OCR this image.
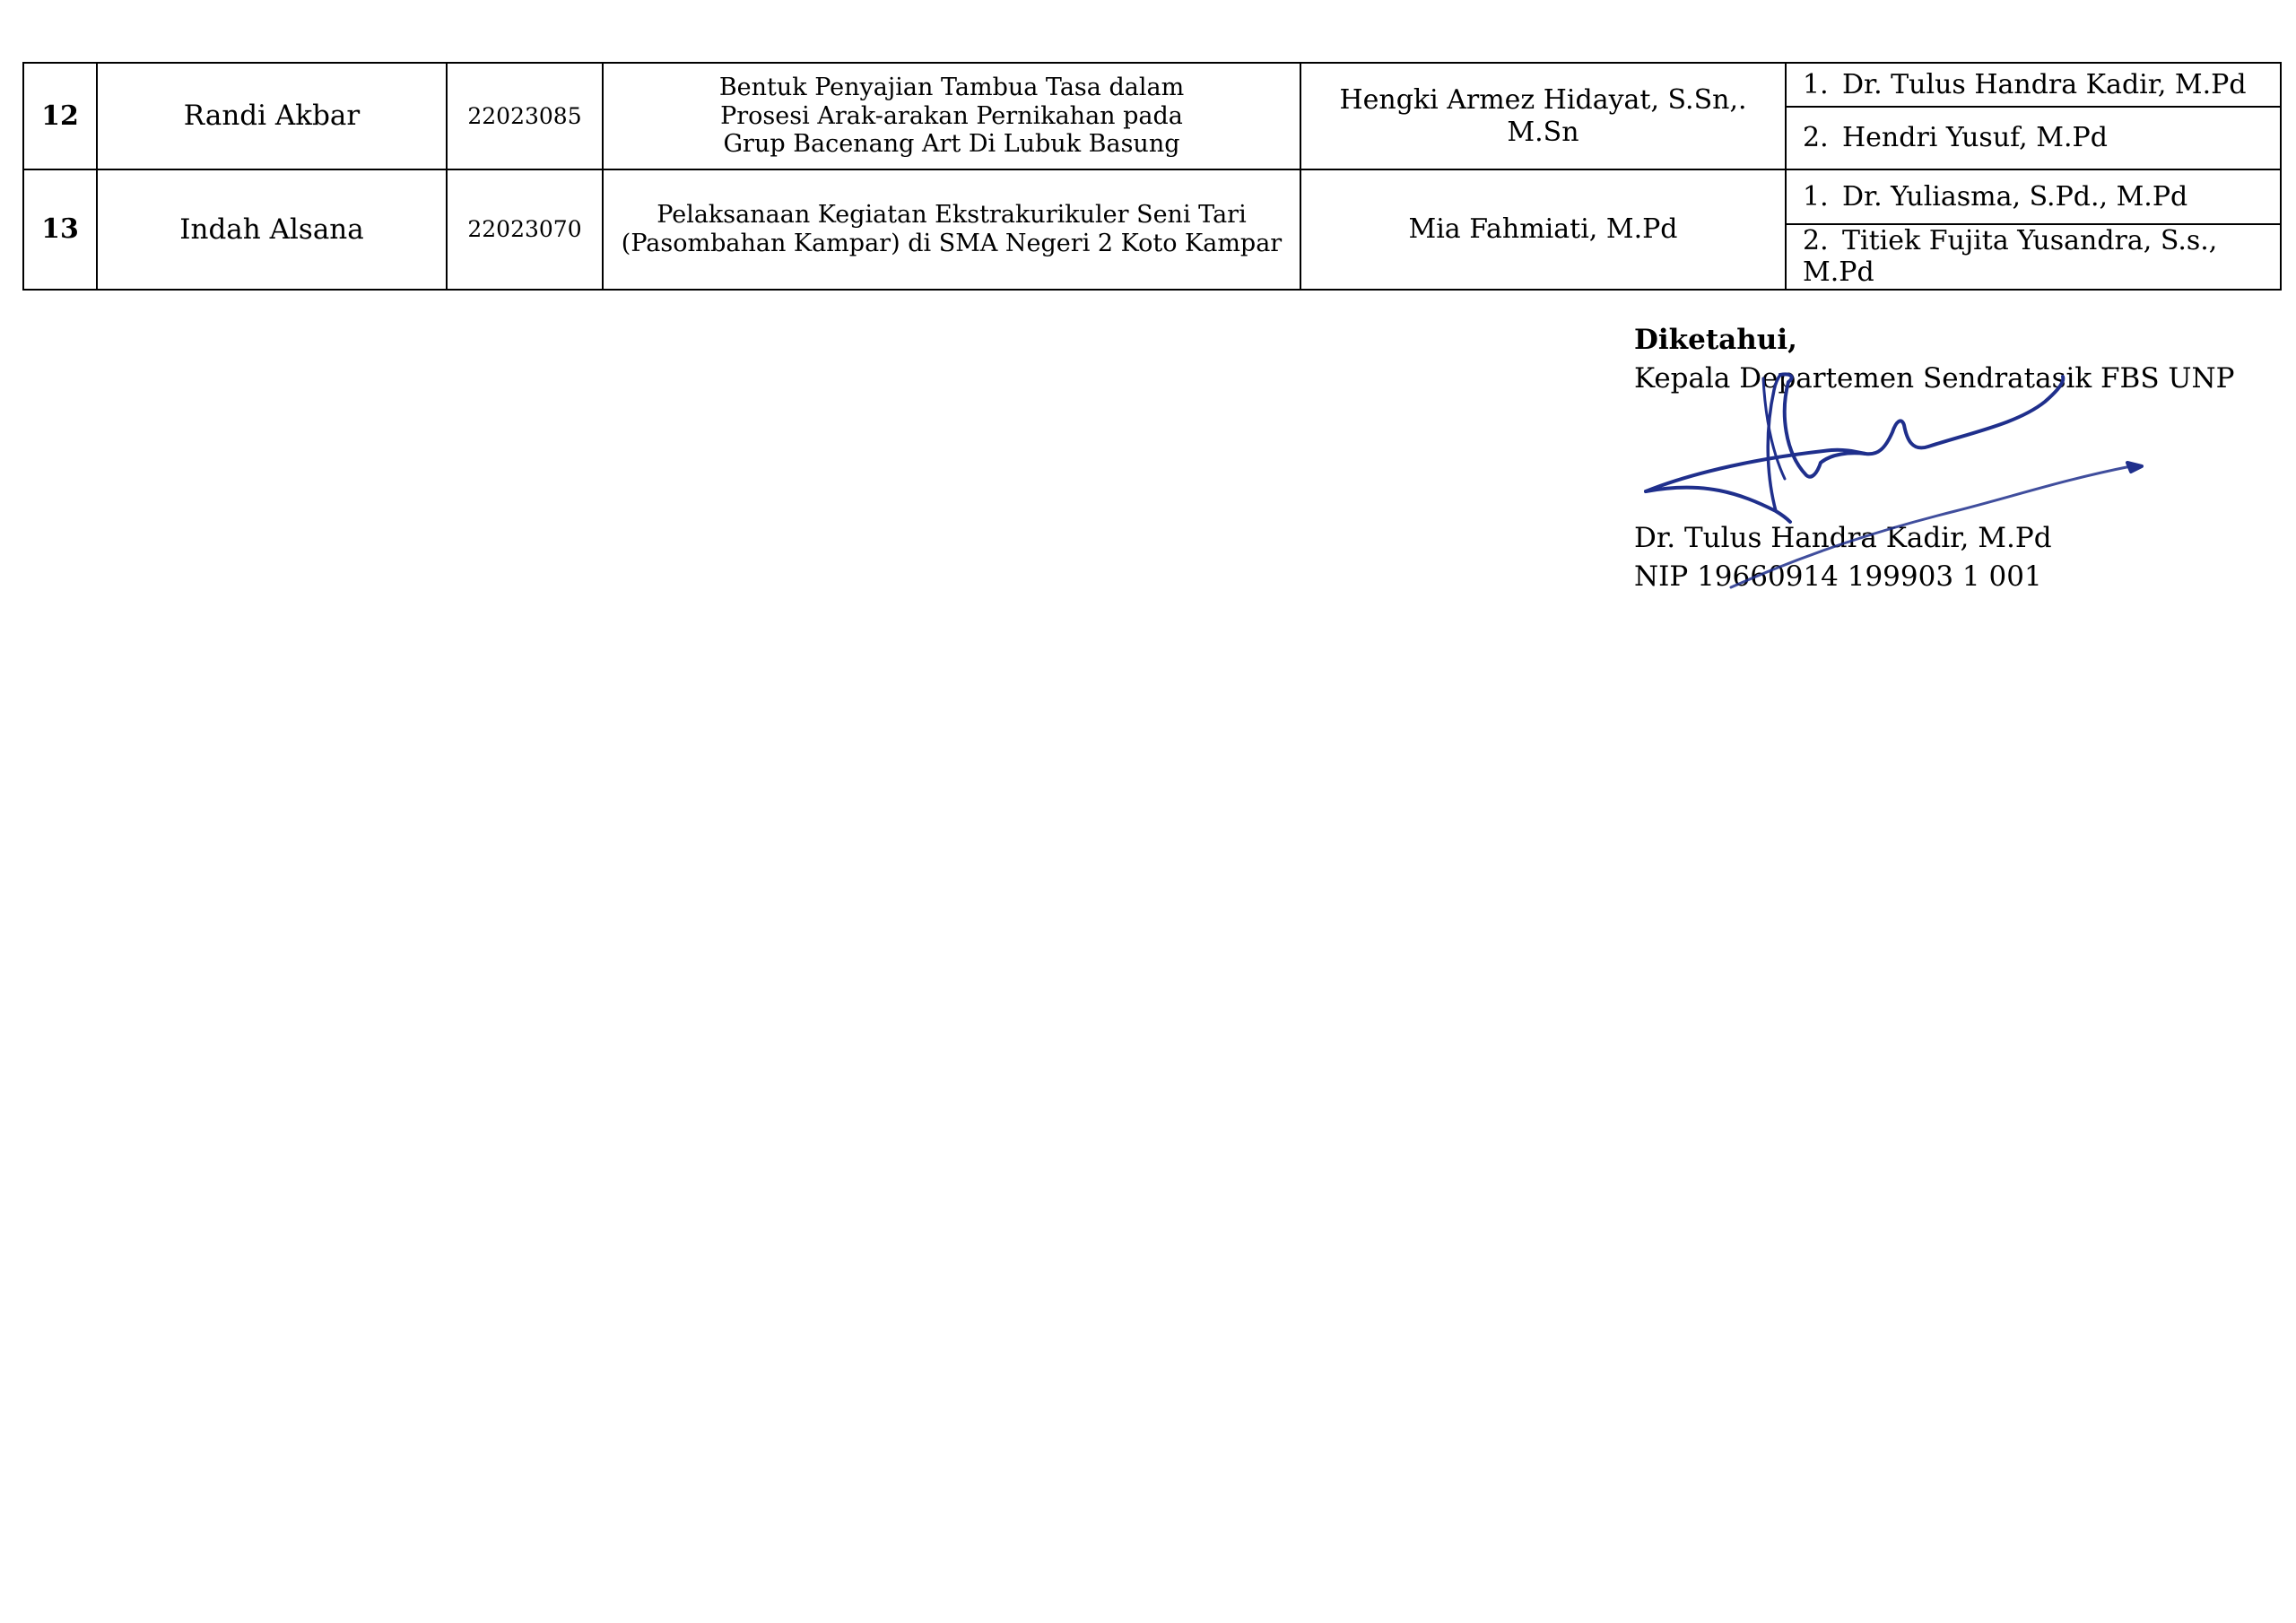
12	Randi Akbar	22023085	Bentuk Penyajian Tambua Tasa dalam
Prosesi Arak-arakan Pernikahan pada
Grup Bacenang Art Di Lubuk Basung	Hengki Armez Hidayat, S.Sn,. M.Sn	1. Dr. Tulus Handra Kadir, M.Pd
					2. Hendri Yusuf, M.Pd
13	Indah Alsana	22023070	Pelaksanaan Kegiatan Ekstrakurikuler Seni Tari
(Pasombahan Kampar) di SMA Negeri 2 Koto Kampar	Mia Fahmiati, M.Pd	1. Dr. Yuliasma, S.Pd., M.Pd
					2. Titiek Fujita Yusandra, S.s., M.Pd
Diketahui,
Kepala Departemen Sendratasik FBS UNP
Dr. Tulus Handra Kadir, M.Pd
NIP 19660914 199903 1 001
